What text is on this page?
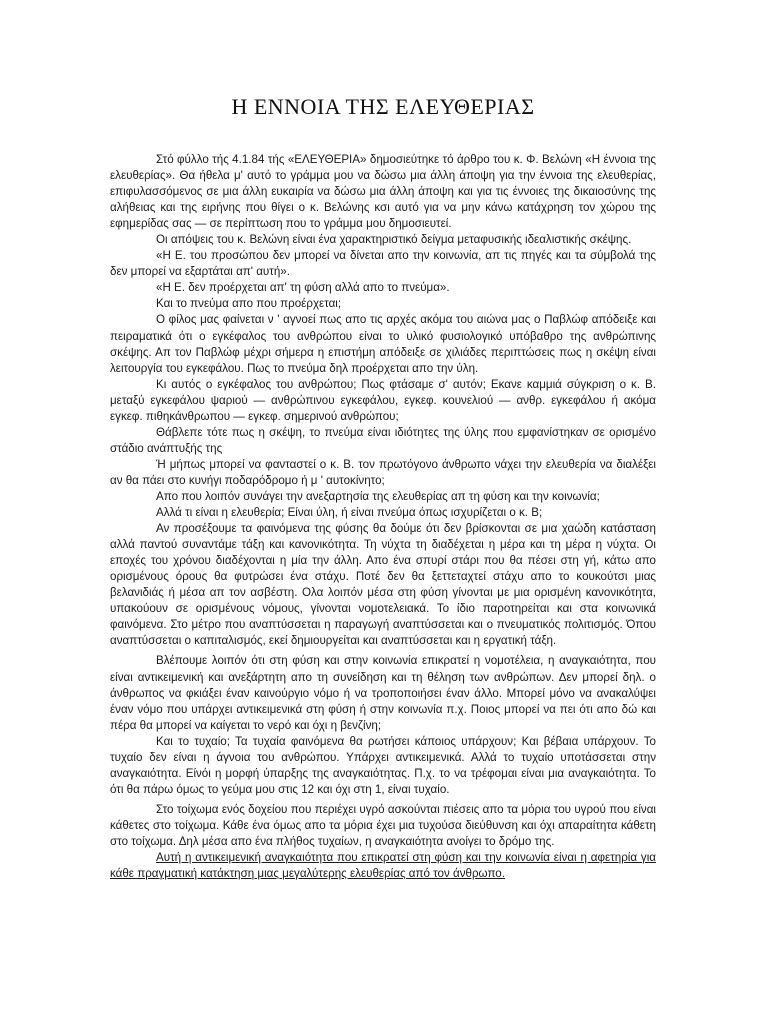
Η ΕΝΝΟΙΑ ΤΗΣ ΕΛΕΥΘΕΡΙΑΣ

Στό φύλλο τής 4.1.84 τής «ΕΛΕΥΘΕΡΙΑ» δημοσιεύτηκε τό άρθρο του κ. Φ. Βελώνη «Η έννοια της ελευθερίας». Θα ήθελα μ' αυτό το γράμμα μου να δώσω μια άλλη άποψη για την έννοια της ελευθερίας, επιφυλασσόμενος σε μια άλλη ευκαιρία να δώσω μια άλλη άποψη και για τις έννοιες της δικαιοσύνης της αλήθειας και της ειρήνης που θίγει ο κ. Βελώνης κσι αυτό για να μην κάνω κατάχρηση τον χώρου της εφημερίδας σας — σε περίπτωση που το γράμμα μου δημοσιευτεί.

Οι απόψεις του κ. Βελώνη είναι ένα χαρακτηριστικό δείγμα μεταφυσικής ιδεαλιστικής σκέψης.

«Η Ε. του προσώπου δεν μπορεί να δίνεται απο την κοινωνία, απ τις πηγές και τα σύμβολά της δεν μπορεί να εξαρτάται απ' αυτή».

«Η Ε. δεν προέρχεται απ' τη φύση αλλά απο το πνεύμα».

Και το πνεύμα απο που προέρχεται;

Ο φίλος μας φαίνεται ν ' αγνοεί πως απο τις αρχές ακόμα του αιώνα μας ο Παβλώφ απόδειξε και πειραματικά ότι ο εγκέφαλος του ανθρώπου είναι το υλικό φυσιολογικό υπόβαθρο της ανθρώπινης σκέψης. Απ τον Παβλώφ μέχρι σήμερα η επιστήμη απόδειξε σε χιλιάδες περιπτώσεις πως η σκέψη είναι λειτουργία του εγκεφάλου. Πως το πνεύμα δηλ προέρχεται απο την ύλη.

Κι αυτός ο εγκέφαλος του ανθρώπου; Πως φτάσαμε σ' αυτόν; Εκανε καμμιά σύγκριση ο κ. Β. μεταξύ εγκεφάλου ψαριού — ανθρώπινου εγκεφάλου, εγκεφ. κουνελιού — ανθρ. εγκεφάλου ή ακόμα εγκεφ. πιθηκάνθρωπου — εγκεφ. σημερινού ανθρώπου;

Θάβλεπε τότε πως η σκέψη, το πνεύμα είναι ιδιότητες της ύλης που εμφανίστηκαν σε ορισμένο στάδιο ανάπτυξής της

Ή μήπως μπορεί να φανταστεί ο κ. Β. τον πρωτόγονο άνθρωπο νάχει την ελευθερία να διαλέξει αν θα πάει στο κυνήγι ποδαρόδρομο ή μ ' αυτοκίνητο;

Απο που λοιπόν συνάγει την ανεξαρτησία της ελευθερίας απ τη φύση και την κοινωνία;

Αλλά τι είναι η ελευθερία; Είναι ύλη, ή είναι πνεύμα όπως ισχυρίζεται ο κ. Β;

Αν προσέξουμε τα φαινόμενα της φύσης θα δούμε ότι δεν βρίσκονται σε μια χαώδη κατάσταση αλλά παντού συναντάμε τάξη και κανονικότητα. Τη νύχτα τη διαδέχεται η μέρα και τη μέρα η νύχτα. Οι εποχές του χρόνου διαδέχονται η μία την άλλη. Απο ένα σπυρί στάρι που θα πέσει στη γή, κάτω απο ορισμένους όρους θα φυτρώσει ένα στάχυ. Ποτέ δεν θα ξεττεταχτεί στάχυ απο το κουκούτσι μιας βελανιδιάς ή μέσα απ τον ασβέστη. Ολα λοιπόν μέσα στη φύση γίνονται με μια ορισμένη κανονικότητα, υπακούουν σε ορισμένους νόμους, γίνονται νομοτελειακά. Το ίδιο παροτηρείται και στα κοινωνικά φαινόμενα. Στο μέτρο που αναπτύσσεται η παραγωγή αναπτύσσεται και ο πνευματικός πολιτισμός. Όπου αναπτύσσεται ο καπιταλισμός, εκεί δημιουργείται και αναπτύσσεται και η εργατική τάξη.

Βλέπουμε λοιπόν ότι στη φύση και στην κοινωνία επικρατεί η νομοτέλεια, η αναγκαιότητα, που είναι αντικειμενική και ανεξάρτητη απο τη συνείδηση και τη θέληση των ανθρώπων. Δεν μπορεί δηλ. ο άνθρωπος να φκιάξει έναν καινούργιο νόμο ή να τροποποιήσει έναν άλλο. Μπορεί μόνο να ανακαλύψει έναν νόμο που υπάρχει αντικειμενικά στη φύση ή στην κοινωνία π.χ. Ποιος μπορεί να πει ότι απο δώ και πέρα θα μπορεί να καίγεται το νερό και όχι η βενζίνη;

Και το τυχαίο; Τα τυχαία φαινόμενα θα ρωτήσει κάποιος υπάρχουν; Και βέβαια υπάρχουν. Το τυχαίο δεν είναι η άγνοια του ανθρώπου. Υπάρχει αντικειμενικά. Αλλά το τυχαίο υποτάσσεται στην αναγκαιότητα. Είνόι η μορφή ύπαρξης της αναγκαιότητας. Π.χ. το να τρέφομαι είναι μια αναγκαιότητα. Το ότι θα πάρω όμως το γεύμα μου στις 12 και όχι στη 1, είναι τυχαίο.

Στο τοίχωμα ενός δοχείου που περιέχει υγρό ασκούνται πιέσεις απο τα μόρια του υγρού που είναι κάθετες στο τοίχωμα. Κάθε ένα όμως απο τα μόρια έχει μια τυχούσα διεύθυνση και όχι απαραίτητα κάθετη στο τοίχωμα. Δηλ μέσα απο ένα πλήθος τυχαίων, η αναγκαιότητα ανοίγει το δρόμο της.

Αυτή η αντικειμενική αναγκαιότητα που επικρατεί στη φύση και την κοινωνία είναι η αφετηρία για κάθε πραγματική κατάκτηση μιας μεγαλύτερης ελευθερίας από τον άνθρωπο.
